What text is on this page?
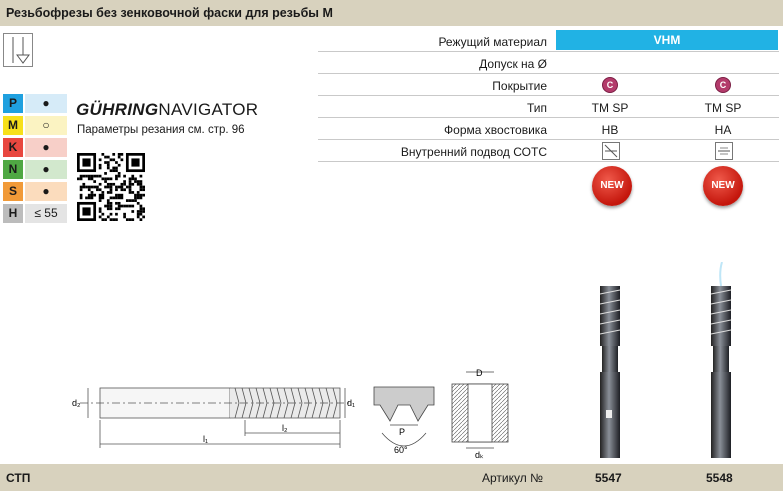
Резьбофрезы без зенковочной фаски для резьбы М
P	●
M	○
K	●
N	●
S	●
H	≤ 55
GÜHRINGNAVIGATOR
Параметры резания см. стр. 96
VHM
Режущий материал
Допуск на Ø
Покрытие	C	C
Тип	TM SP	TM SP
Форма хвостовика	HB	HA
Внутренний подвод СОТС
NEW	NEW
d₂	d₁
l₁
l₂	P
60°
D
dₖ
СТП	Артикул №	5547	5548
